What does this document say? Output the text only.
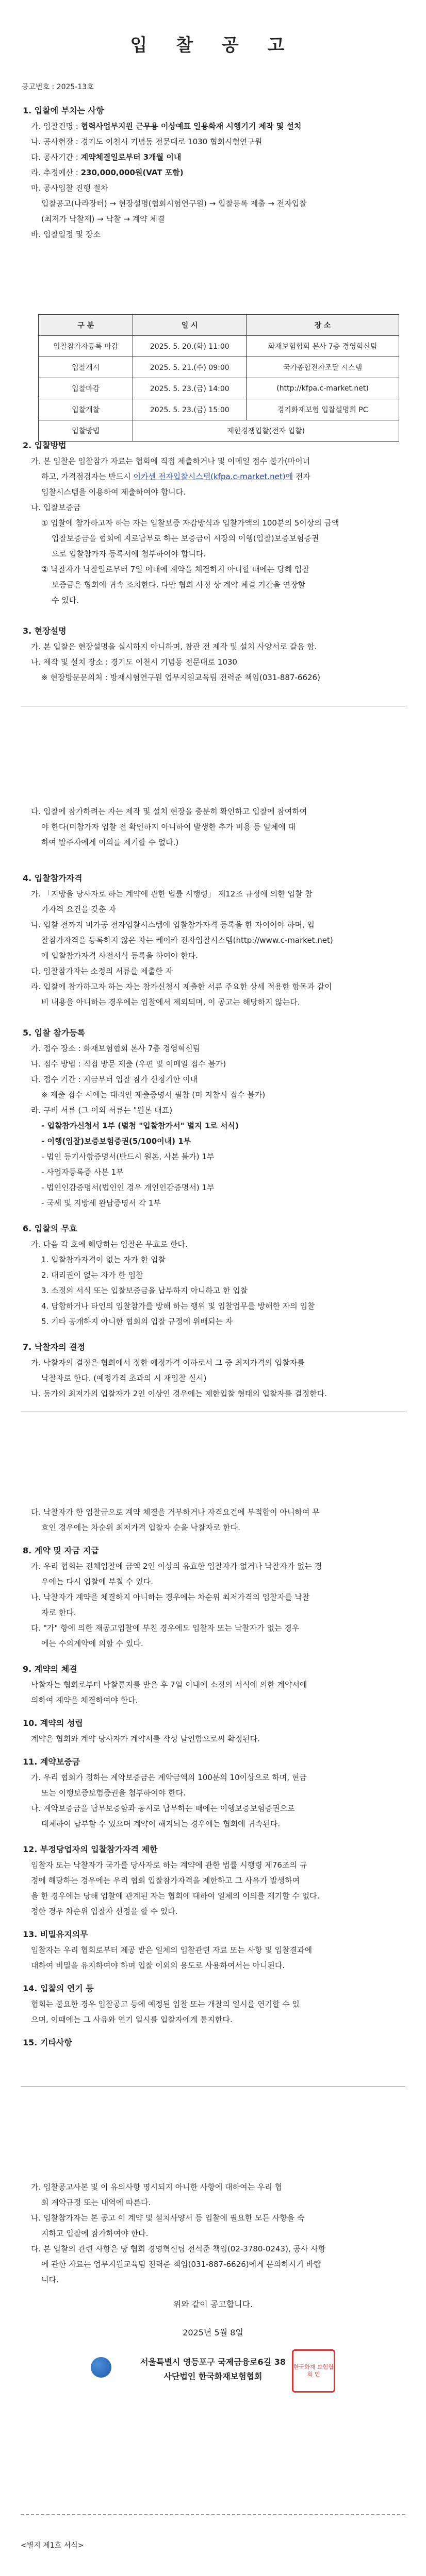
입 찰 공 고
공고번호 : 2025-13호
1. 입찰에 부치는 사항
가. 입찰건명 : 협력사업부지원 근무용 이상예표 일용화재 시행기기 제작 및 설치
나. 공사현장 : 경기도 이천시 기념동 전문대로 1030 협회시험연구원
다. 공사기간 : 계약체결일로부터 3개월 이내
라. 추정예산 : 230,000,000원(VAT 포함)
마. 공사입찰 진행 절차
입찰공고(나라장터) → 현장설명(협회시험연구원) → 입찰등록 제출 → 전자입찰
(최저가 낙찰제) → 낙찰 → 계약 체결
바. 입찰일정 및 장소
구 분	일 시	장 소
입찰참가자등록 마감	2025. 5. 20.(화) 11:00	화재보험협회 본사 7층 경영혁신팀
입찰개시	2025. 5. 21.(수) 09:00	국가종합전자조달 시스템
입찰마감	2025. 5. 23.(금) 14:00	(http://kfpa.c-market.net)
입찰개찰	2025. 5. 23.(금) 15:00	경기화재보험 입찰설명회 PC
입찰방법	제한경쟁입찰(전자 입찰)	
2. 입찰방법
가. 본 입찰은 입찰참가 자료는 협회에 직접 제출하거나 및 이메일 접수 불가(마이너
하고, 가격점검자는 반드시 이카센 전자입찰시스템(kfpa.c-market.net)에 전자
입찰시스템을 이용하여 제출하여야 합니다.
나. 입찰보증금
① 입찰에 참가하고자 하는 자는 입찰보증 자감방식과 입찰가액의 100분의 5이상의 금액
입찰보증금을 협회에 지로납부로 하는 보증금이 시장의 이행(입찰)보증보험증권
으로 입찰참가자 등록서에 첨부하여야 합니다.
② 낙찰자가 낙찰일로부터 7일 이내에 계약을 체결하지 아니할 때에는 당해 입찰
보증금은 협회에 귀속 조치한다. 다만 협회 사정 상 계약 체결 기간을 연장할
수 있다.
3. 현장설명
가. 본 입찰은 현장설명을 실시하지 아니하며, 참관 전 제작 및 설치 사양서로 갈음 함.
나. 제작 및 설치 장소 : 경기도 이천시 기념동 전문대로 1030
※ 현장방문문의처 : 방재시험연구원 업무지원교육팀 전력준 책임(031-887-6626)
다. 입찰에 참가하려는 자는 제작 및 설치 현장을 충분히 확인하고 입찰에 참여하여
야 한다(미참가자 입찰 전 확인하지 아니하여 발생한 추가 비용 등 일체에 대
하여 발주자에게 이의를 제기할 수 없다.)
4. 입찰참가자격
가. 「지방을 당사자로 하는 계약에 관한 법률 시행령」 제12조 규정에 의한 입찰 참
가자격 요건을 갖춘 자
나. 입찰 전까지 비가공 전자입찰시스템에 입찰참가자격 등록을 한 자이어야 하며, 입
찰참가자격을 등록하지 않은 자는 케이카 전자입찰시스템(http://www.c-market.net)
에 입찰참가자격 사전서식 등록을 하여야 한다.
다. 입찰참가자는 소정의 서류를 제출한 자
라. 입찰에 참가하고자 하는 자는 참가신청시 제출한 서류 주요한 상세 적용한 항목과 같이
비 내용을 아니하는 경우에는 입찰에서 제외되며, 이 공고는 해당하지 않는다.
5. 입찰 참가등록
가. 접수 장소 : 화재보험협회 본사 7층 경영혁신팀
나. 접수 방법 : 직접 방문 제출 (우편 및 이메일 접수 불가)
다. 접수 기간 : 지금부터 입찰 참가 신청기한 이내
※ 제출 접수 시에는 대리인 제출증명서 필참 (미 지참시 접수 불가)
라. 구비 서류 (그 이외 서류는 "원본 대표)
- 입찰참가신청서 1부 (별첨 "입찰참가서" 별지 1로 서식)
- 이행(입찰)보증보험증권(5/100이내) 1부
- 법인 등기사항증명서(반드시 원본, 사본 불가) 1부
- 사업자등록증 사본 1부
- 법인인감증명서(법인인 경우 개인인감증명서) 1부
- 국세 및 지방세 완납증명서 각 1부
6. 입찰의 무효
가. 다음 각 호에 해당하는 입찰은 무효로 한다.
1. 입찰참가자격이 없는 자가 한 입찰
2. 대리권이 없는 자가 한 입찰
3. 소정의 서식 또는 입찰보증금을 납부하지 아니하고 한 입찰
4. 담합하거나 타인의 입찰참가를 방해 하는 행위 및 입찰업무를 방해한 자의 입찰
5. 기타 공개하지 아니한 협회의 입찰 규정에 위배되는 자
7. 낙찰자의 결정
가. 낙찰자의 결정은 협회에서 정한 예정가격 이하로서 그 중 최저가격의 입찰자를
낙찰자로 한다. (예정가격 초과의 시 재입찰 실시)
나. 동가의 최저가의 입찰자가 2인 이상인 경우에는 제한입찰 형태의 입찰자를 결정한다.
다. 낙찰자가 한 입찰금으로 계약 체결을 거부하거나 자격요건에 부적합이 아니하여 무
효인 경우에는 차순위 최저가격 입찰자 순을 낙찰자로 한다.
8. 계약 및 자금 지급
가. 우리 협회는 전체입찰에 금액 2인 이상의 유효한 입찰자가 없거나 낙찰자가 없는 경
우에는 다시 입찰에 부칠 수 있다.
나. 낙찰자가 계약을 체결하지 아니하는 경우에는 차순위 최저가격의 입찰자를 낙찰
자로 한다.
다. "가" 항에 의한 재공고입찰에 부친 경우에도 입찰자 또는 낙찰자가 없는 경우
에는 수의계약에 의할 수 있다.
9. 계약의 체결
낙찰자는 협회로부터 낙찰통지를 받은 후 7일 이내에 소정의 서식에 의한 계약서에
의하여 계약을 체결하여야 한다.
10. 계약의 성립
계약은 협회와 계약 당사자가 계약서를 작성 날인함으로써 확정된다.
11. 계약보증금
가. 우리 협회가 정하는 계약보증금은 계약금액의 100분의 10이상으로 하며, 현금
또는 이행보증보험증권을 첨부하여야 한다.
나. 계약보증금을 납부보증함과 동시로 납부하는 때에는 이행보증보험증권으로
대체하여 납부할 수 있으며 계약이 해지되는 경우에는 협회에 귀속된다.
12. 부정당업자의 입찰참가자격 제한
입찰자 또는 낙찰자가 국가를 당사자로 하는 계약에 관한 법률 시행령 제76조의 규
정에 해당하는 경우에는 우리 협회 입찰참가자격을 제한하고 그 사유가 발생하여
을 한 경우에는 당해 입찰에 관계된 자는 협회에 대하여 일체의 이의를 제기할 수 없다.
정한 경우 차순위 입찰자 선정을 할 수 있다.
13. 비밀유지의무
입찰자는 우리 협회로부터 제공 받은 일체의 입찰관련 자료 또는 사항 및 입찰결과에
대하여 비밀을 유지하여야 하며 입찰 이외의 용도로 사용하여서는 아니된다.
14. 입찰의 연기 등
협회는 불요한 경우 입찰공고 등에 예정된 입찰 또는 개찰의 일시를 연기할 수 있
으며, 이때에는 그 사유와 연기 일시를 입찰자에게 통지한다.
15. 기타사항
가. 입찰공고사본 및 이 유의사항 명시되지 아니한 사항에 대하여는 우리 협
회 계약규정 또는 내역에 따른다.
나. 입찰참가자는 본 공고 이 계약 및 설치사양서 등 입찰에 필요한 모든 사항을 숙
지하고 입찰에 참가하여야 한다.
다. 본 입찰의 관련 사항은 당 협회 경영혁신팀 전석준 책임(02-3780-0243), 공사 사항
에 관한 자료는 업무지원교육팀 전력준 책임(031-887-6626)에게 문의하시기 바랍
니다.
위와 같이 공고합니다.
2025년 5월 8일
서울특별시 영등포구 국제금융로6길 38
사단법인 한국화재보험협회
한국화재 보험협회 인
<별지 제1호 서식>
